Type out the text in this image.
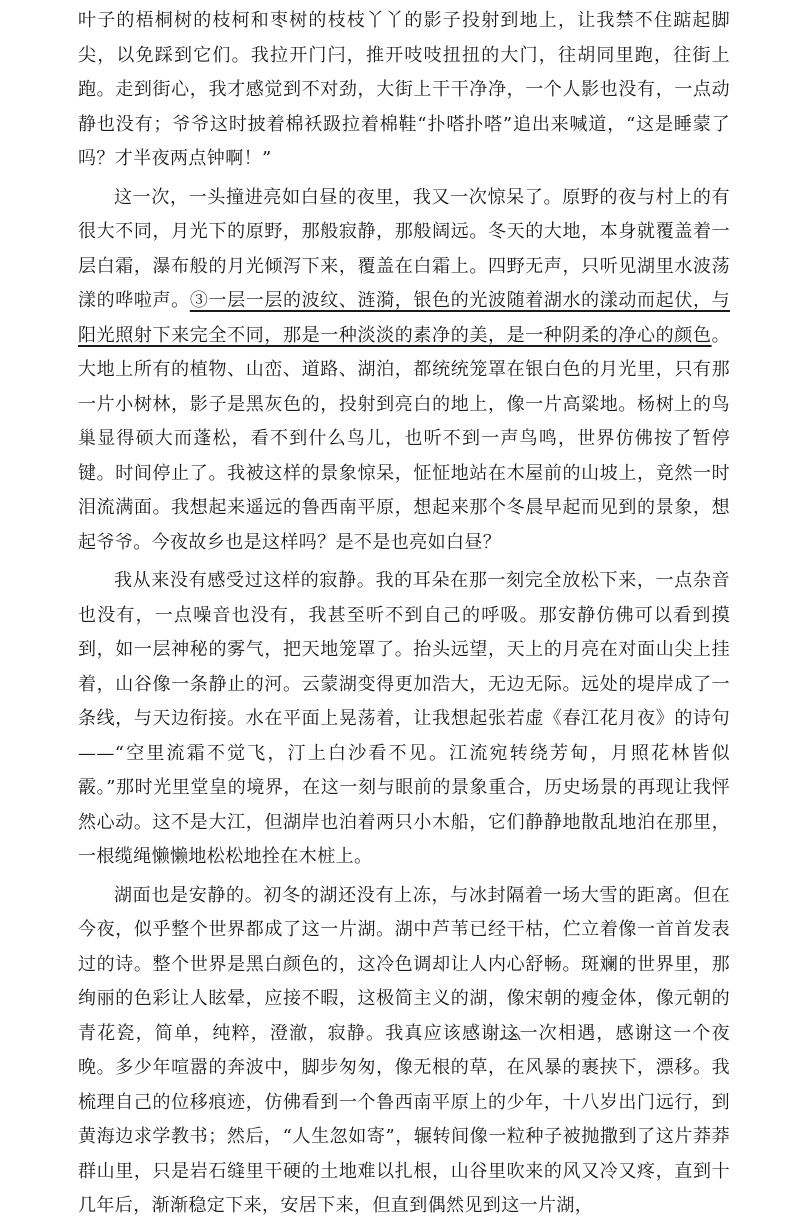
叶子的梧桐树的枝柯和枣树的枝枝丫丫的影子投射到地上，让我禁不住踮起脚尖，以免踩到它们。我拉开门闩，推开吱吱扭扭的大门，往胡同里跑，往街上跑。走到街心，我才感觉到不对劲，大街上干干净净，一个人影也没有，一点动静也没有；爷爷这时披着棉袄趿拉着棉鞋“扑嗒扑嗒”追出来喊道，“这是睡蒙了吗？才半夜两点钟啊！”

这一次，一头撞进亮如白昼的夜里，我又一次惊呆了。原野的夜与村上的有很大不同，月光下的原野，那般寂静，那般阔远。冬天的大地，本身就覆盖着一层白霜，瀑布般的月光倾泻下来，覆盖在白霜上。四野无声，只听见湖里水波荡漾的哗啦声。③一层一层的波纹、涟漪，银色的光波随着湖水的漾动而起伏，与阳光照射下来完全不同，那是一种淡淡的素净的美，是一种阴柔的净心的颜色。大地上所有的植物、山峦、道路、湖泊，都统统笼罩在银白色的月光里，只有那一片小树林，影子是黑灰色的，投射到亮白的地上，像一片高粱地。杨树上的鸟巢显得硕大而蓬松，看不到什么鸟儿，也听不到一声鸟鸣，世界仿佛按了暂停键。时间停止了。我被这样的景象惊呆，怔怔地站在木屋前的山坡上，竟然一时泪流满面。我想起来遥远的鲁西南平原，想起来那个冬晨早起而见到的景象，想起爷爷。今夜故乡也是这样吗？是不是也亮如白昼？

我从来没有感受过这样的寂静。我的耳朵在那一刻完全放松下来，一点杂音也没有，一点噪音也没有，我甚至听不到自己的呼吸。那安静仿佛可以看到摸到，如一层神秘的雾气，把天地笼罩了。抬头远望，天上的月亮在对面山尖上挂着，山谷像一条静止的河。云蒙湖变得更加浩大，无边无际。远处的堤岸成了一条线，与天边衔接。水在平面上晃荡着，让我想起张若虚《春江花月夜》的诗句——“空里流霜不觉飞，汀上白沙看不见。江流宛转绕芳甸，月照花林皆似霰。”那时光里堂皇的境界，在这一刻与眼前的景象重合，历史场景的再现让我怦然心动。这不是大江，但湖岸也泊着两只小木船，它们静静地散乱地泊在那里，一根缆绳懒懒地松松地拴在木桩上。

湖面也是安静的。初冬的湖还没有上冻，与冰封隔着一场大雪的距离。但在今夜，似乎整个世界都成了这一片湖。湖中芦苇已经干枯，伫立着像一首首发表过的诗。整个世界是黑白颜色的，这冷色调却让人内心舒畅。斑斓的世界里，那绚丽的色彩让人眩晕，应接不暇，这极简主义的湖，像宋朝的瘦金体，像元朝的青花瓷，简单，纯粹，澄澈，寂静。我真应该感谢这一次相遇，感谢这一个夜晚。多少年喧嚣的奔波中，脚步匆匆，像无根的草，在风暴的裹挟下，漂移。我梳理自己的位移痕迹，仿佛看到一个鲁西南平原上的少年，十八岁出门远行，到黄海边求学教书；然后，“人生忽如寄”，辗转间像一粒种子被抛撒到了这片莽莽群山里，只是岩石缝里干硬的土地难以扎根，山谷里吹来的风又冷又疼，直到十几年后，渐渐稳定下来，安居下来，但直到偶然见到这一片湖，
